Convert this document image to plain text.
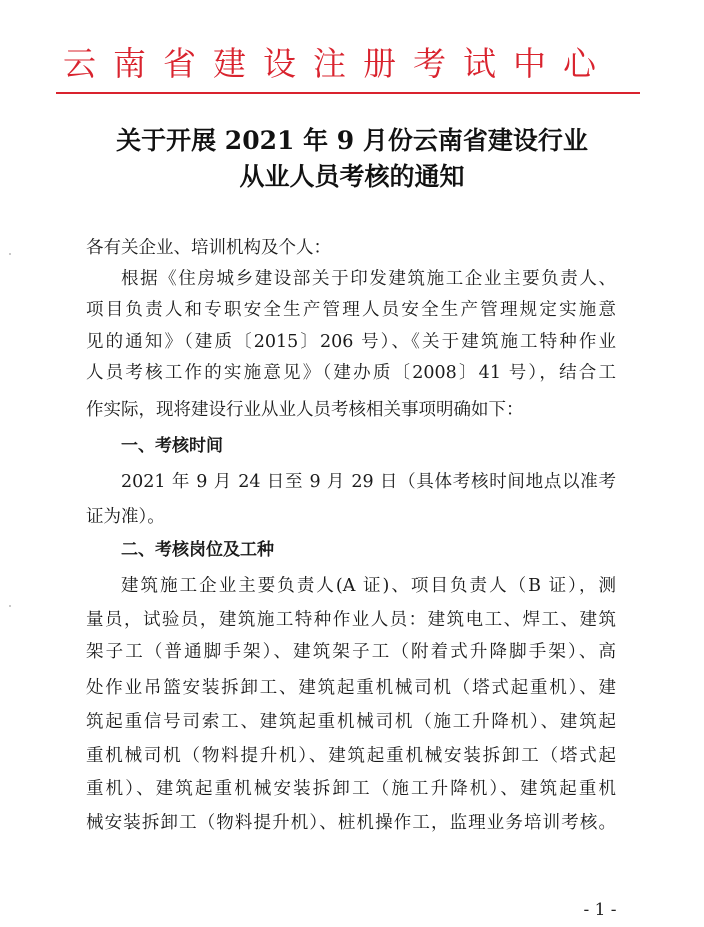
云南省建设注册考试中心
关于开展 2021 年 9 月份云南省建设行业
从业人员考核的通知
各有关企业、培训机构及个人：
根据《住房城乡建设部关于印发建筑施工企业主要负责人、
项目负责人和专职安全生产管理人员安全生产管理规定实施意
见的通知》（建质〔2015〕206 号）、《关于建筑施工特种作业
人员考核工作的实施意见》（建办质〔2008〕41 号），结合工
作实际，现将建设行业从业人员考核相关事项明确如下：
一、考核时间
2021 年 9 月 24 日至 9 月 29 日（具体考核时间地点以准考
证为准）。
二、考核岗位及工种
建筑施工企业主要负责人(A 证)、项目负责人（B 证），测
量员，试验员，建筑施工特种作业人员：建筑电工、焊工、建筑
架子工（普通脚手架）、建筑架子工（附着式升降脚手架）、高
处作业吊篮安装拆卸工、建筑起重机械司机（塔式起重机）、建
筑起重信号司索工、建筑起重机械司机（施工升降机）、建筑起
重机械司机（物料提升机）、建筑起重机械安装拆卸工（塔式起
重机）、建筑起重机械安装拆卸工（施工升降机）、建筑起重机
械安装拆卸工（物料提升机）、桩机操作工，监理业务培训考核。
- 1 -
